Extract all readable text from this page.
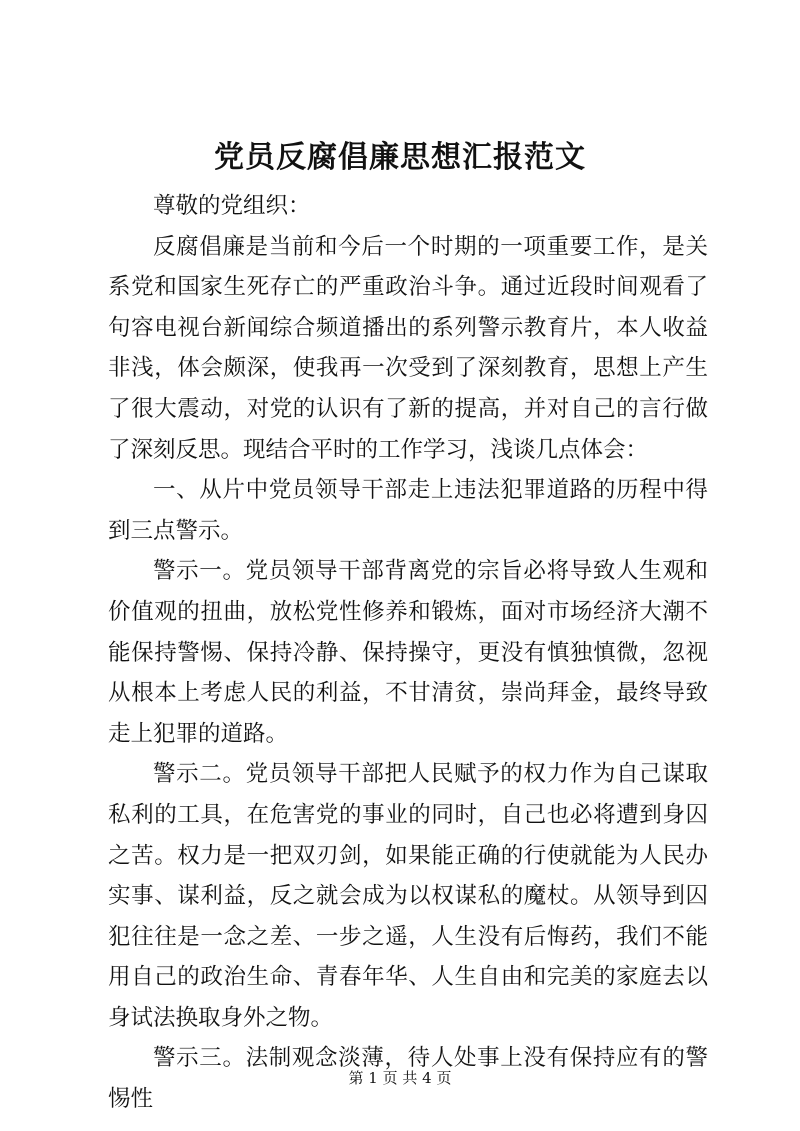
党员反腐倡廉思想汇报范文

尊敬的党组织：

反腐倡廉是当前和今后一个时期的一项重要工作，是关系党和国家生死存亡的严重政治斗争。通过近段时间观看了句容电视台新闻综合频道播出的系列警示教育片，本人收益非浅，体会颇深，使我再一次受到了深刻教育，思想上产生了很大震动，对党的认识有了新的提高，并对自己的言行做了深刻反思。现结合平时的工作学习，浅谈几点体会：

一、从片中党员领导干部走上违法犯罪道路的历程中得到三点警示。

警示一。党员领导干部背离党的宗旨必将导致人生观和价值观的扭曲，放松党性修养和锻炼，面对市场经济大潮不能保持警惕、保持冷静、保持操守，更没有慎独慎微，忽视从根本上考虑人民的利益，不甘清贫，崇尚拜金，最终导致走上犯罪的道路。

警示二。党员领导干部把人民赋予的权力作为自己谋取私利的工具，在危害党的事业的同时，自己也必将遭到身囚之苦。权力是一把双刃剑，如果能正确的行使就能为人民办实事、谋利益，反之就会成为以权谋私的魔杖。从领导到囚犯往往是一念之差、一步之遥，人生没有后悔药，我们不能用自己的政治生命、青春年华、人生自由和完美的家庭去以身试法换取身外之物。

警示三。法制观念淡薄，待人处事上没有保持应有的警惕性

第 1 页 共 4 页
